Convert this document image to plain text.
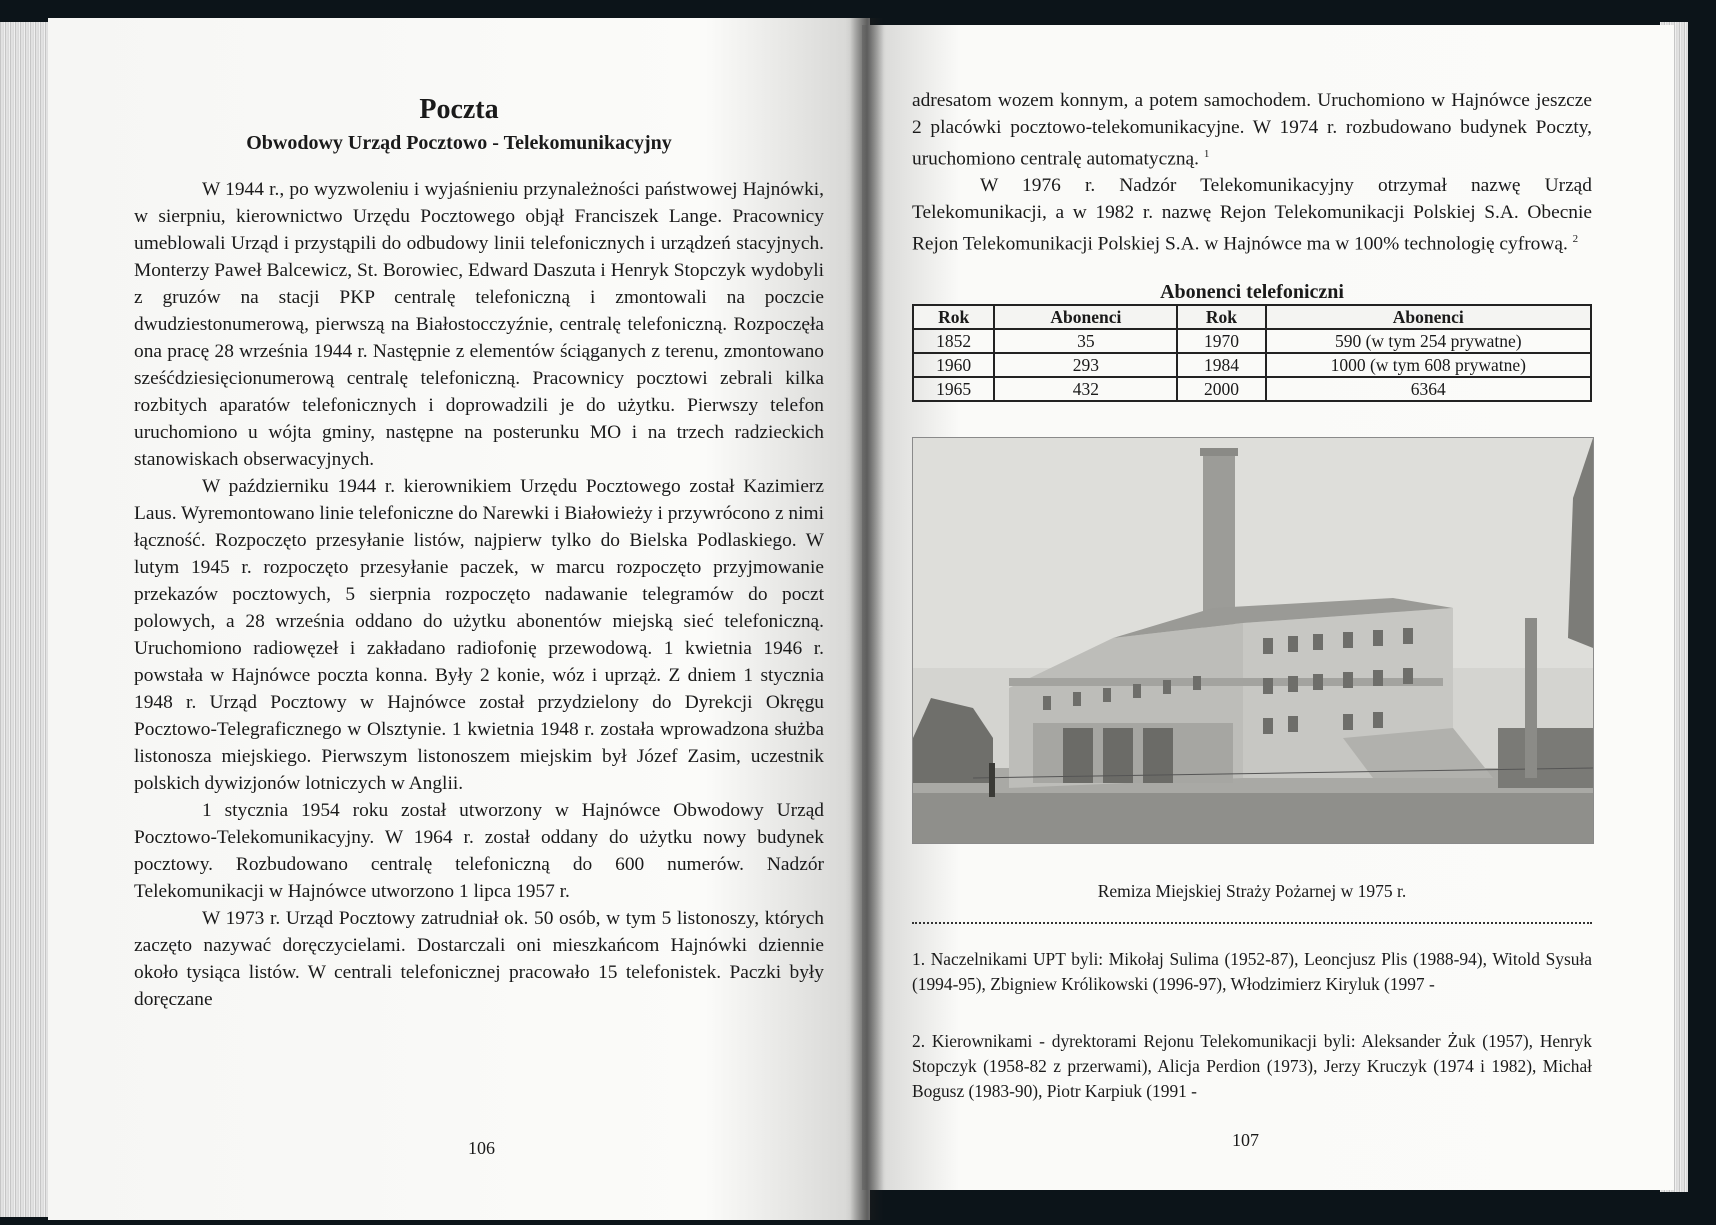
Poczta
Obwodowy Urząd Pocztowo - Telekomunikacyjny

W 1944 r., po wyzwoleniu i wyjaśnieniu przynależności państwowej Hajnówki, w sierpniu, kierownictwo Urzędu Pocztowego objął Franciszek Lange. Pracownicy umeblowali Urząd i przystąpili do odbudowy linii telefonicznych i urządzeń stacyjnych. Monterzy Paweł Balcewicz, St. Borowiec, Edward Daszuta i Henryk Stopczyk wydobyli z gruzów na stacji PKP centralę telefoniczną i zmontowali na poczcie dwudziestonumerową, pierwszą na Białostocczyźnie, centralę telefoniczną. Rozpoczęła ona pracę 28 września 1944 r. Następnie z elementów ściąganych z terenu, zmontowano sześćdziesięcionumerową centralę telefoniczną. Pracownicy pocztowi zebrali kilka rozbitych aparatów telefonicznych i doprowadzili je do użytku. Pierwszy telefon uruchomiono u wójta gminy, następne na posterunku MO i na trzech radzieckich stanowiskach obserwacyjnych.

W październiku 1944 r. kierownikiem Urzędu Pocztowego został Kazimierz Laus. Wyremontowano linie telefoniczne do Narewki i Białowieży i przywrócono z nimi łączność. Rozpoczęto przesyłanie listów, najpierw tylko do Bielska Podlaskiego. W lutym 1945 r. rozpoczęto przesyłanie paczek, w marcu rozpoczęto przyjmowanie przekazów pocztowych, 5 sierpnia rozpoczęto nadawanie telegramów do poczt polowych, a 28 września oddano do użytku abonentów miejską sieć telefoniczną. Uruchomiono radiowęzeł i zakładano radiofonię przewodową. 1 kwietnia 1946 r. powstała w Hajnówce poczta konna. Były 2 konie, wóz i uprząż. Z dniem 1 stycznia 1948 r. Urząd Pocztowy w Hajnówce został przydzielony do Dyrekcji Okręgu Pocztowo-Telegraficznego w Olsztynie. 1 kwietnia 1948 r. została wprowadzona służba listonosza miejskiego. Pierwszym listonoszem miejskim był Józef Zasim, uczestnik polskich dywizjonów lotniczych w Anglii.

1 stycznia 1954 roku został utworzony w Hajnówce Obwodowy Urząd Pocztowo-Telekomunikacyjny. W 1964 r. został oddany do użytku nowy budynek pocztowy. Rozbudowano centralę telefoniczną do 600 numerów. Nadzór Telekomunikacji w Hajnówce utworzono 1 lipca 1957 r.

W 1973 r. Urząd Pocztowy zatrudniał ok. 50 osób, w tym 5 listonoszy, których zaczęto nazywać doręczycielami. Dostarczali oni mieszkańcom Hajnówki dziennie około tysiąca listów. W centrali telefonicznej pracowało 15 telefonistek. Paczki były doręczane

106

adresatom wozem konnym, a potem samochodem. Uruchomiono w Hajnówce jeszcze 2 placówki pocztowo-telekomunikacyjne. W 1974 r. rozbudowano budynek Poczty, uruchomiono centralę automatyczną. $^1$

W 1976 r. Nadzór Telekomunikacyjny otrzymał nazwę Urząd Telekomunikacji, a w 1982 r. nazwę Rejon Telekomunikacji Polskiej S.A. Obecnie Rejon Telekomunikacji Polskiej S.A. w Hajnówce ma w 100% technologię cyfrową. $^2$

Abonenci telefoniczni
Rok	Abonenci	Rok	Abonenci
1852	35	1970	590 (w tym 254 prywatne)
1960	293	1984	1000 (w tym 608 prywatne)
1965	432	2000	6364
Remiza Miejskiej Straży Pożarnej w 1975 r.
1. Naczelnikami UPT byli: Mikołaj Sulima (1952-87), Leoncjusz Plis (1988-94), Witold Sysuła (1994-95), Zbigniew Królikowski (1996-97), Włodzimierz Kiryluk (1997 -
2. Kierownikami - dyrektorami Rejonu Telekomunikacji byli: Aleksander Żuk (1957), Henryk Stopczyk (1958-82 z przerwami), Alicja Perdion (1973), Jerzy Kruczyk (1974 i 1982), Michał Bogusz (1983-90), Piotr Karpiuk (1991 -
107
